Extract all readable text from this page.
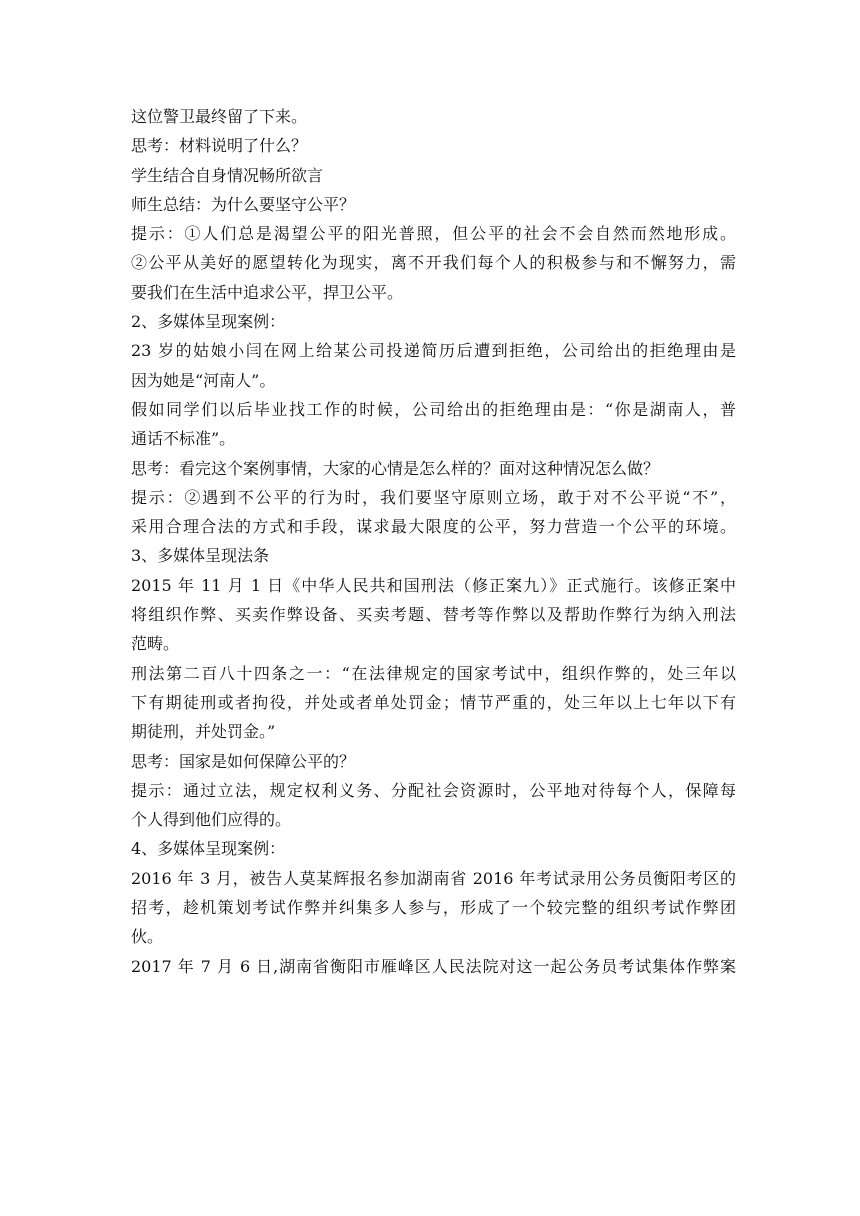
这位警卫最终留了下来。
思考：材料说明了什么？
学生结合自身情况畅所欲言
师生总结：为什么要坚守公平？
提示：①人们总是渴望公平的阳光普照，但公平的社会不会自然而然地形成。
②公平从美好的愿望转化为现实，离不开我们每个人的积极参与和不懈努力，需
要我们在生活中追求公平，捍卫公平。
2、多媒体呈现案例：
23 岁的姑娘小闫在网上给某公司投递简历后遭到拒绝，公司给出的拒绝理由是
因为她是“河南人”。
假如同学们以后毕业找工作的时候，公司给出的拒绝理由是：“你是湖南人，普
通话不标准”。
思考：看完这个案例事情，大家的心情是怎么样的？面对这种情况怎么做？
提示：②遇到不公平的行为时，我们要坚守原则立场，敢于对不公平说“不”，
采用合理合法的方式和手段，谋求最大限度的公平，努力营造一个公平的环境。
3、多媒体呈现法条
2015 年 11 月 1 日《中华人民共和国刑法（修正案九）》正式施行。该修正案中
将组织作弊、买卖作弊设备、买卖考题、替考等作弊以及帮助作弊行为纳入刑法
范畴。
刑法第二百八十四条之一：“在法律规定的国家考试中，组织作弊的，处三年以
下有期徒刑或者拘役，并处或者单处罚金；情节严重的，处三年以上七年以下有
期徒刑，并处罚金。”
思考：国家是如何保障公平的？
提示：通过立法，规定权利义务、分配社会资源时，公平地对待每个人，保障每
个人得到他们应得的。
4、多媒体呈现案例：
2016 年 3 月，被告人莫某辉报名参加湖南省 2016 年考试录用公务员衡阳考区的
招考，趁机策划考试作弊并纠集多人参与，形成了一个较完整的组织考试作弊团
伙。
2017 年 7 月 6 日,湖南省衡阳市雁峰区人民法院对这一起公务员考试集体作弊案
